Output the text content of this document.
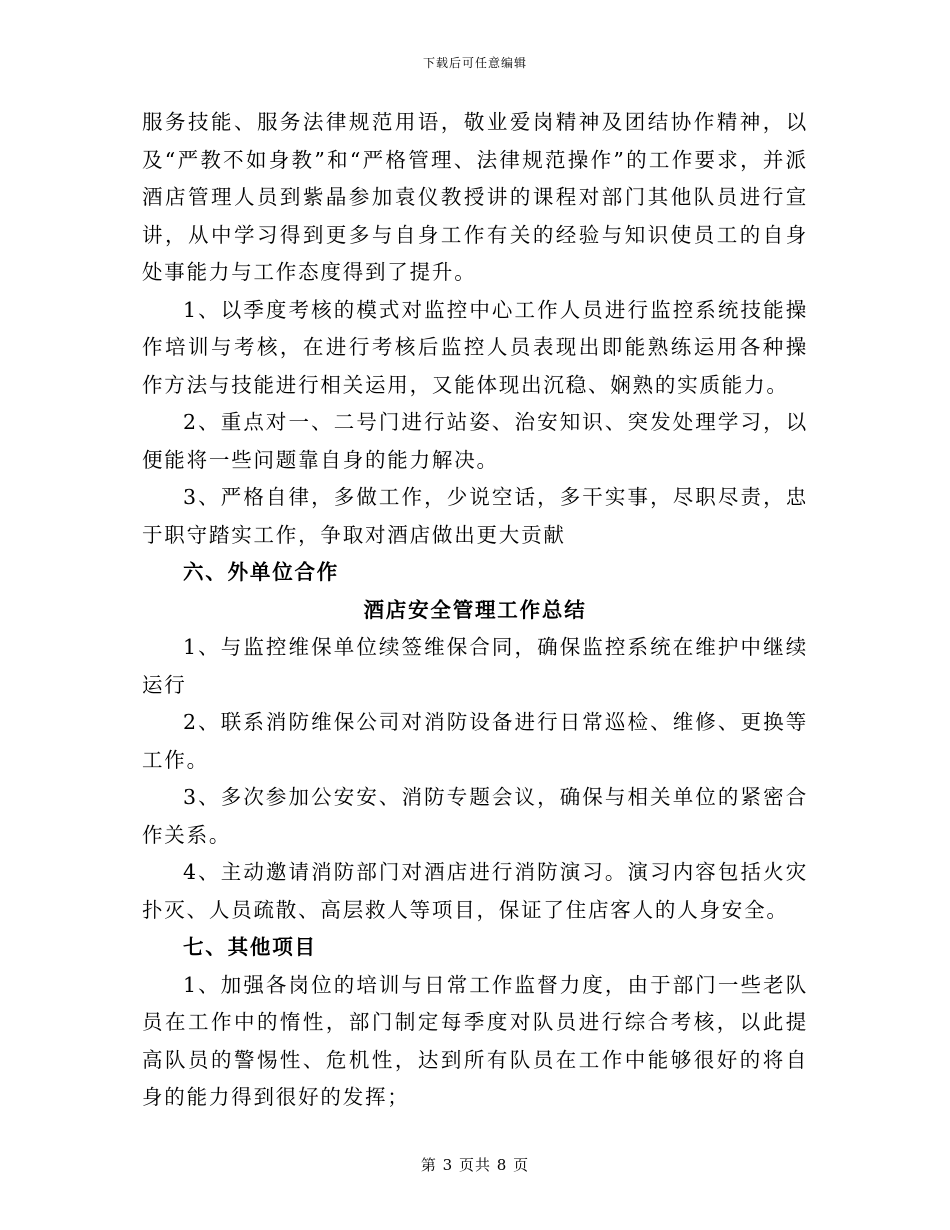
下载后可任意编辑

服务技能、服务法律规范用语，敬业爱岗精神及团结协作精神，以及“严教不如身教”和“严格管理、法律规范操作”的工作要求，并派酒店管理人员到紫晶参加袁仪教授讲的课程对部门其他队员进行宣讲，从中学习得到更多与自身工作有关的经验与知识使员工的自身处事能力与工作态度得到了提升。

1、以季度考核的模式对监控中心工作人员进行监控系统技能操作培训与考核，在进行考核后监控人员表现出即能熟练运用各种操作方法与技能进行相关运用，又能体现出沉稳、娴熟的实质能力。

2、重点对一、二号门进行站姿、治安知识、突发处理学习，以便能将一些问题靠自身的能力解决。

3、严格自律，多做工作，少说空话，多干实事，尽职尽责，忠于职守踏实工作，争取对酒店做出更大贡献

六、外单位合作

酒店安全管理工作总结

1、与监控维保单位续签维保合同，确保监控系统在维护中继续运行

2、联系消防维保公司对消防设备进行日常巡检、维修、更换等工作。

3、多次参加公安安、消防专题会议，确保与相关单位的紧密合作关系。

4、主动邀请消防部门对酒店进行消防演习。演习内容包括火灾扑灭、人员疏散、高层救人等项目，保证了住店客人的人身安全。

七、其他项目

1、加强各岗位的培训与日常工作监督力度，由于部门一些老队员在工作中的惰性，部门制定每季度对队员进行综合考核，以此提高队员的警惕性、危机性，达到所有队员在工作中能够很好的将自身的能力得到很好的发挥；

第 3 页共 8 页
